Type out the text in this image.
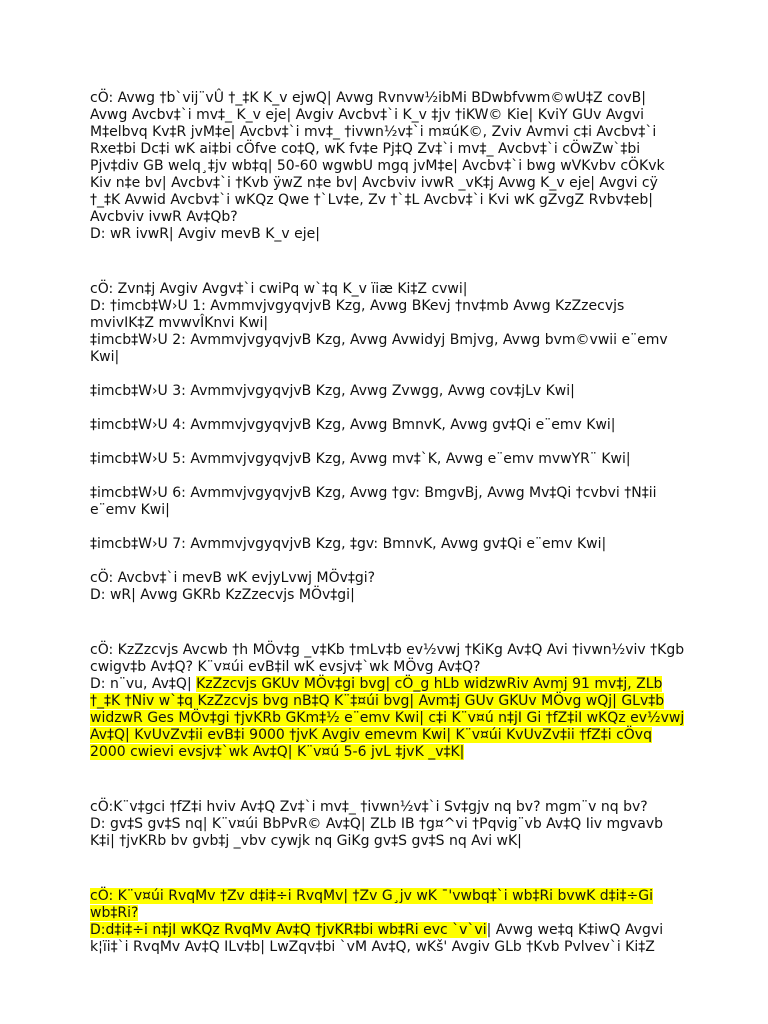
cÖ: Avwg †b`vij¨vÛ †_‡K K_v ejwQ| Avwg Rvnvw½ibMi BDwbfvwm©wU‡Z covB|
Avwg Avcbv‡`i mv‡_ K_v eje| Avgiv Avcbv‡`i K_v ‡jv †iKW© Kie| KviY GUv Avgvi
M‡elbvq Kv‡R jvM‡e| Avcbv‡`i mv‡_ †ivwn½v‡`i m¤úK©, Zviv Avmvi c‡i Avcbv‡`i
Rxe‡bi Dc‡i wK ai‡bi cÖfve co‡Q, wK fv‡e Pj‡Q Zv‡`i mv‡_ Avcbv‡`i cÖwZw`‡bi
Pjv‡div GB welq¸‡jv wb‡q| 50-60 wgwbU mgq jvM‡e| Avcbv‡`i bwg wVKvbv cÖKvk
Kiv n‡e bv| Avcbv‡`i †Kvb ÿwZ n‡e bv| Avcbviv ivwR _vK‡j Avwg K_v eje| Avgvi cÿ
†_‡K Avwid Avcbv‡`i wKQz Qwe †`Lv‡e, Zv †`‡L Avcbv‡`i Kvi wK gZvgZ Rvbv‡eb|
Avcbviv ivwR Av‡Qb?
D: wR ivwR| Avgiv mevB K_v eje|
cÖ: Zvn‡j Avgiv Avgv‡`i cwiPq w`‡q K_v ïiæ Ki‡Z cvwi|
D: †imcb‡W›U 1: AvmmvjvgyqvjvB Kzg, Avwg BKevj †nv‡mb Avwg KzZzecvjs
mvivIK‡Z mvwvÎKnvi Kwi|
‡imcb‡W›U 2: AvmmvjvgyqvjvB Kzg, Avwg Avwidyj Bmjvg, Avwg bvm©vwii e¨emv
Kwi|
‡imcb‡W›U 3: AvmmvjvgyqvjvB Kzg, Avwg Zvwgg, Avwg cov‡jLv Kwi|
‡imcb‡W›U 4: AvmmvjvgyqvjvB Kzg, Avwg BmnvK, Avwg gv‡Qi e¨emv Kwi|
‡imcb‡W›U 5: AvmmvjvgyqvjvB Kzg, Avwg mv‡`K, Avwg e¨emv mvwYR¨ Kwi|
‡imcb‡W›U 6: AvmmvjvgyqvjvB Kzg, Avwg †gv: BmgvBj, Avwg Mv‡Qi †cvbvi †N‡ii
e¨emv Kwi|
‡imcb‡W›U 7: AvmmvjvgyqvjvB Kzg, ‡gv: BmnvK, Avwg gv‡Qi e¨emv Kwi|
cÖ: Avcbv‡`i mevB wK evjyLvwj MÖv‡gi?
D: wR| Avwg GKRb KzZzecvjs MÖv‡gi|
cÖ: KzZzcvjs Avcwb †h MÖv‡g _v‡Kb †mLv‡b ev½vwj †KiKg Av‡Q Avi †ivwn½viv †Kgb
cwigv‡b Av‡Q? K¨v¤úi evB‡il wK evsjv‡`wk MÖvg Av‡Q?
D: n¨vu, Av‡Q| KzZzcvjs GKUv MÖv‡gi bvg| cÖ_g hLb widzwRiv Avmj 91 mv‡j, ZLb
†_‡K †Niv w`‡q KzZzcvjs bvg nB‡Q K¨‡¤úi bvg| Avm‡j GUv GKUv MÖvg wQj| GLv‡b
widzwR Ges MÖv‡gi †jvKRb GKm‡½ e¨emv Kwi| c‡i K¨v¤ú n‡jI Gi †fZ‡iI wKQz ev½vwj
Av‡Q| KvUvZv‡ii evB‡i 9000 †jvK Avgiv emevm Kwi| K¨v¤úi KvUvZv‡ii †fZ‡i cÖvq
2000 cwievi evsjv‡`wk Av‡Q| K¨v¤ú 5-6 jvL ‡jvK _v‡K|
cÖ:K¨v‡gci †fZ‡i hviv Av‡Q Zv‡`i mv‡_ †ivwn½v‡`i Sv‡gjv nq bv? mgm¨v nq bv?
D: gv‡S gv‡S nq| K¨v¤úi BbPvR© Av‡Q| ZLb IB †g¤^vi †Pqvig¨vb Av‡Q Iiv mgvavb
K‡i| †jvKRb bv gvb‡j _vbv cywjk nq GiKg gv‡S gv‡S nq Avi wK|
cÖ: K¨v¤úi RvqMv †Zv d‡i‡÷i RvqMv| †Zv G¸jv wK ¯'vwbq‡`i wb‡Ri bvwK d‡i‡÷Gi
wb‡Ri?
D:d‡i‡÷i n‡jI wKQz RvqMv Av‡Q †jvKR‡bi wb‡Ri evc `v`vi| Avwg we‡q K‡iwQ Avgvi
k¦ïi‡`i RvqMv Av‡Q ILv‡b| LwZqv‡bi `vM Av‡Q, wKš' Avgiv GLb †Kvb Pvlvev`i Ki‡Z
